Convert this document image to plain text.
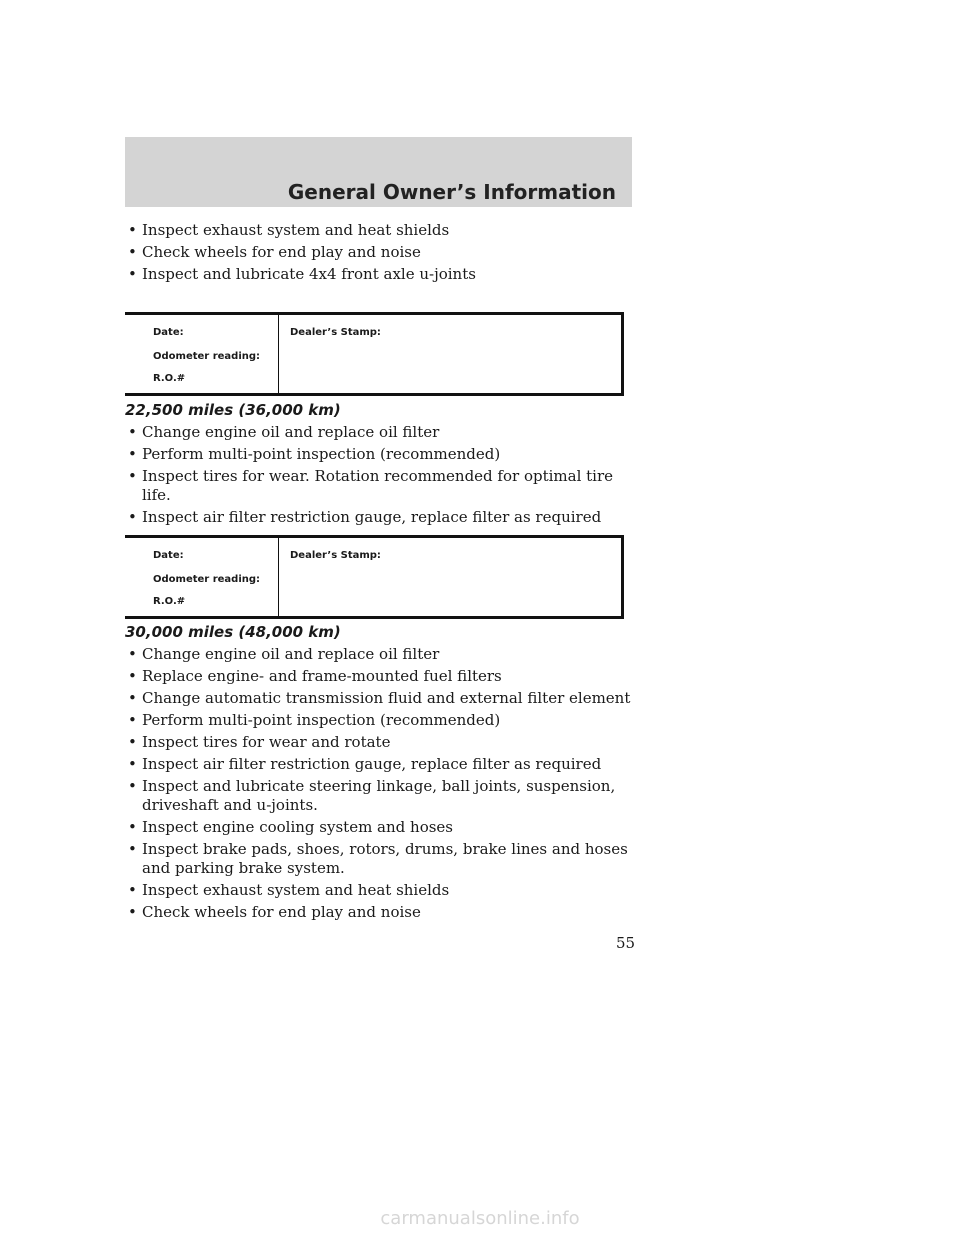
General Owner’s Information
• Inspect exhaust system and heat shields
• Check wheels for end play and noise
• Inspect and lubricate 4x4 front axle u-joints
Date:
Odometer reading:
R.O.#
Dealer’s Stamp:
22,500 miles (36,000 km)
• Change engine oil and replace oil filter
• Perform multi-point inspection (recommended)
• Inspect tires for wear. Rotation recommended for optimal tire life.
• Inspect air filter restriction gauge, replace filter as required
Date:
Odometer reading:
R.O.#
Dealer’s Stamp:
30,000 miles (48,000 km)
• Change engine oil and replace oil filter
• Replace engine- and frame-mounted fuel filters
• Change automatic transmission fluid and external filter element
• Perform multi-point inspection (recommended)
• Inspect tires for wear and rotate
• Inspect air filter restriction gauge, replace filter as required
• Inspect and lubricate steering linkage, ball joints, suspension, driveshaft and u-joints.
• Inspect engine cooling system and hoses
• Inspect brake pads, shoes, rotors, drums, brake lines and hoses and parking brake system.
• Inspect exhaust system and heat shields
• Check wheels for end play and noise
55
carmanualsonline.info
